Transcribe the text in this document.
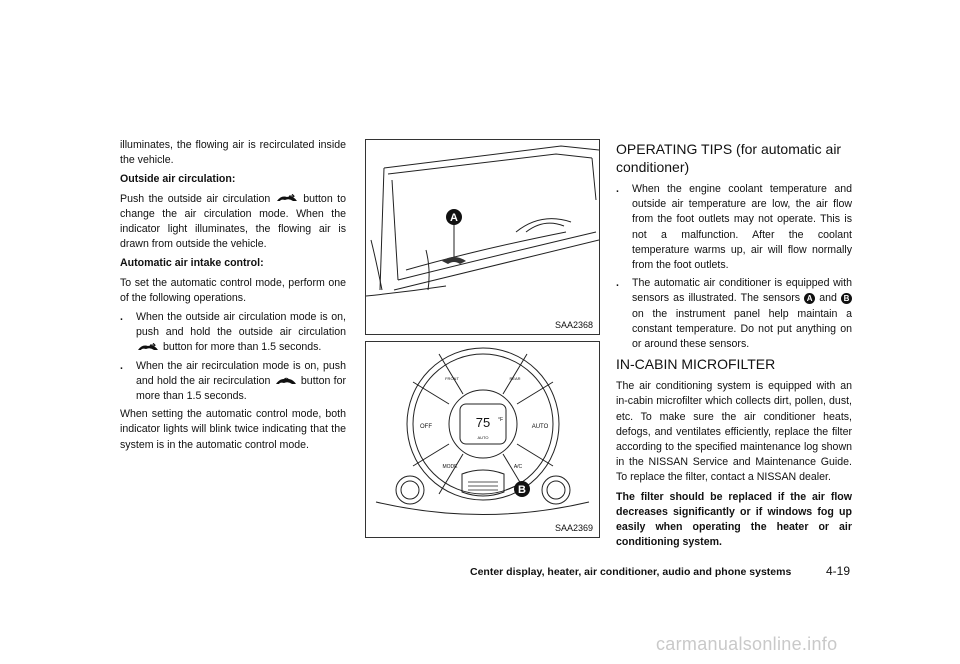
illuminates, the flowing air is recirculated inside the vehicle.

Outside air circulation:

Push the outside air circulation	button to change the air circulation mode. When the indicator light illuminates, the flowing air is drawn from outside the vehicle.

Automatic air intake control:

To set the automatic control mode, perform one of the following operations.

. When the outside air circulation mode is on, push and hold the outside air circulation  button for more than 1.5 seconds.
. When the air recirculation mode is on, push and hold the air recirculation	button for more than 1.5 seconds.

When setting the automatic control mode, both indicator lights will blink twice indicating that the system is in the automatic control mode.

A
SAA2368
75 °F
AUTO
FRONT	REAR
OFF	AUTO
MODE	A/C
B
SAA2369
OPERATING TIPS (for automatic air conditioner)
. When the engine coolant temperature and outside air temperature are low, the air flow from the foot outlets may not operate. This is not a malfunction. After the coolant temperature warms up, air will flow normally from the foot outlets.
. The automatic air conditioner is equipped with sensors as illustrated. The sensors A and B on the instrument panel help maintain a constant temperature. Do not put anything on or around these sensors.
IN-CABIN MICROFILTER

The air conditioning system is equipped with an in-cabin microfilter which collects dirt, pollen, dust, etc. To make sure the air conditioner heats, defogs, and ventilates efficiently, replace the filter according to the specified maintenance log shown in the NISSAN Service and Maintenance Guide. To replace the filter, contact a NISSAN dealer.

The filter should be replaced if the air flow decreases significantly or if windows fog up easily when operating the heater or air conditioning system.

Center display, heater, air conditioner, audio and phone systems	4-19
carmanualsonline.info
